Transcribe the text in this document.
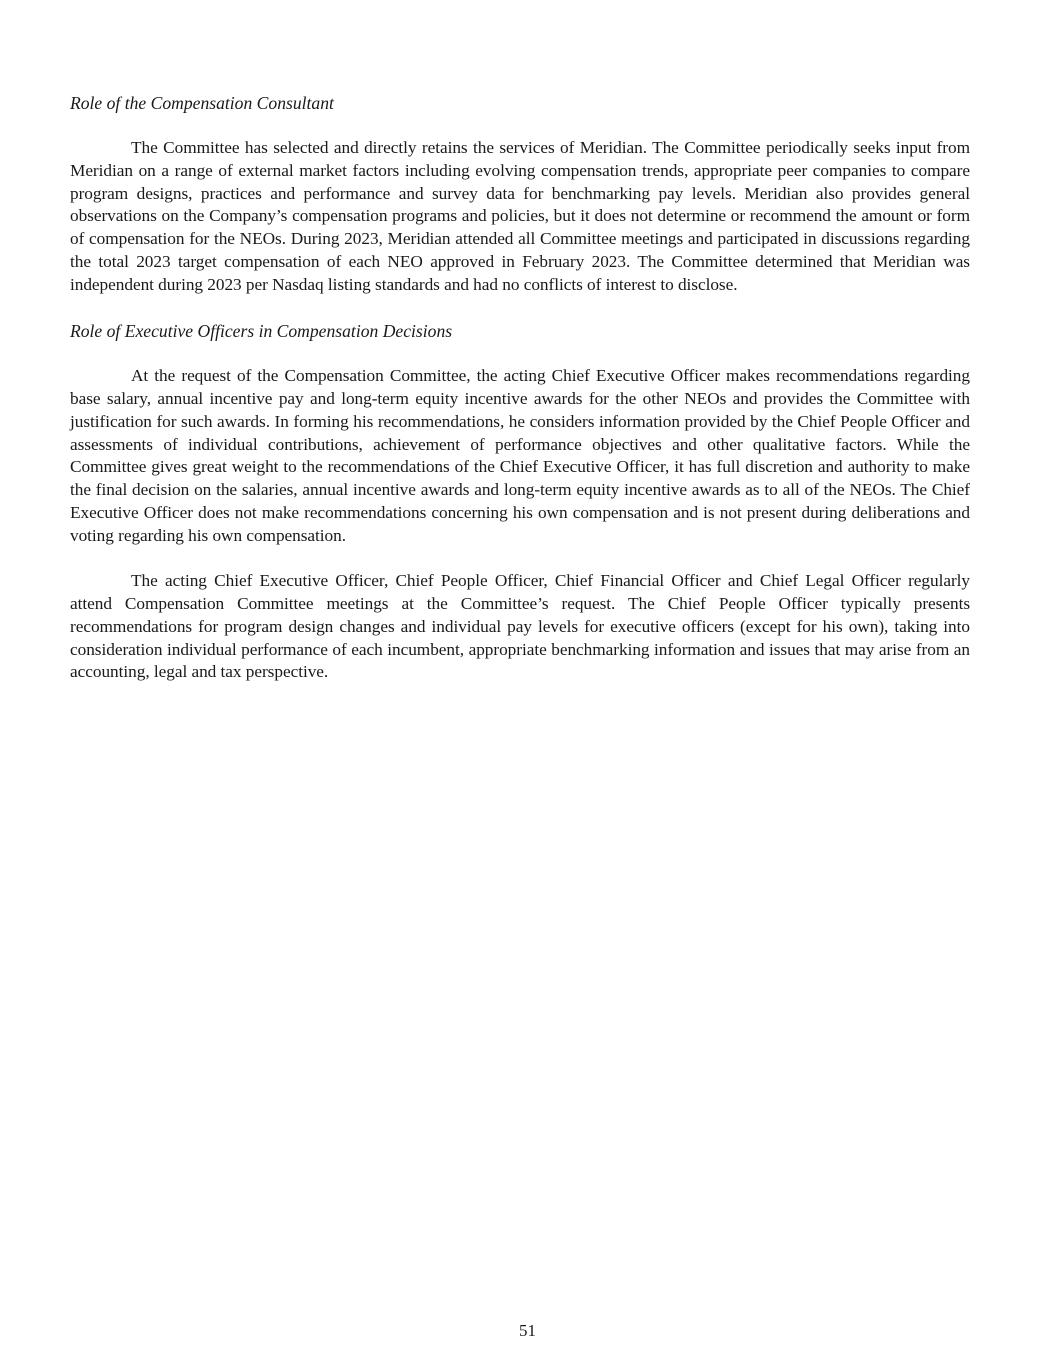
Role of the Compensation Consultant

The Committee has selected and directly retains the services of Meridian. The Committee periodically seeks input from Meridian on a range of external market factors including evolving compensation trends, appropriate peer companies to compare program designs, practices and performance and survey data for benchmarking pay levels. Meridian also provides general observations on the Company’s compensation programs and policies, but it does not determine or recommend the amount or form of compensation for the NEOs. During 2023, Meridian attended all Committee meetings and participated in discussions regarding the total 2023 target compensation of each NEO approved in February 2023. The Committee determined that Meridian was independent during 2023 per Nasdaq listing standards and had no conflicts of interest to disclose.

Role of Executive Officers in Compensation Decisions

At the request of the Compensation Committee, the acting Chief Executive Officer makes recommendations regarding base salary, annual incentive pay and long-term equity incentive awards for the other NEOs and provides the Committee with justification for such awards. In forming his recommendations, he considers information provided by the Chief People Officer and assessments of individual contributions, achievement of performance objectives and other qualitative factors. While the Committee gives great weight to the recommendations of the Chief Executive Officer, it has full discretion and authority to make the final decision on the salaries, annual incentive awards and long-term equity incentive awards as to all of the NEOs. The Chief Executive Officer does not make recommendations concerning his own compensation and is not present during deliberations and voting regarding his own compensation.

The acting Chief Executive Officer, Chief People Officer, Chief Financial Officer and Chief Legal Officer regularly attend Compensation Committee meetings at the Committee’s request. The Chief People Officer typically presents recommendations for program design changes and individual pay levels for executive officers (except for his own), taking into consideration individual performance of each incumbent, appropriate benchmarking information and issues that may arise from an accounting, legal and tax perspective.

51
